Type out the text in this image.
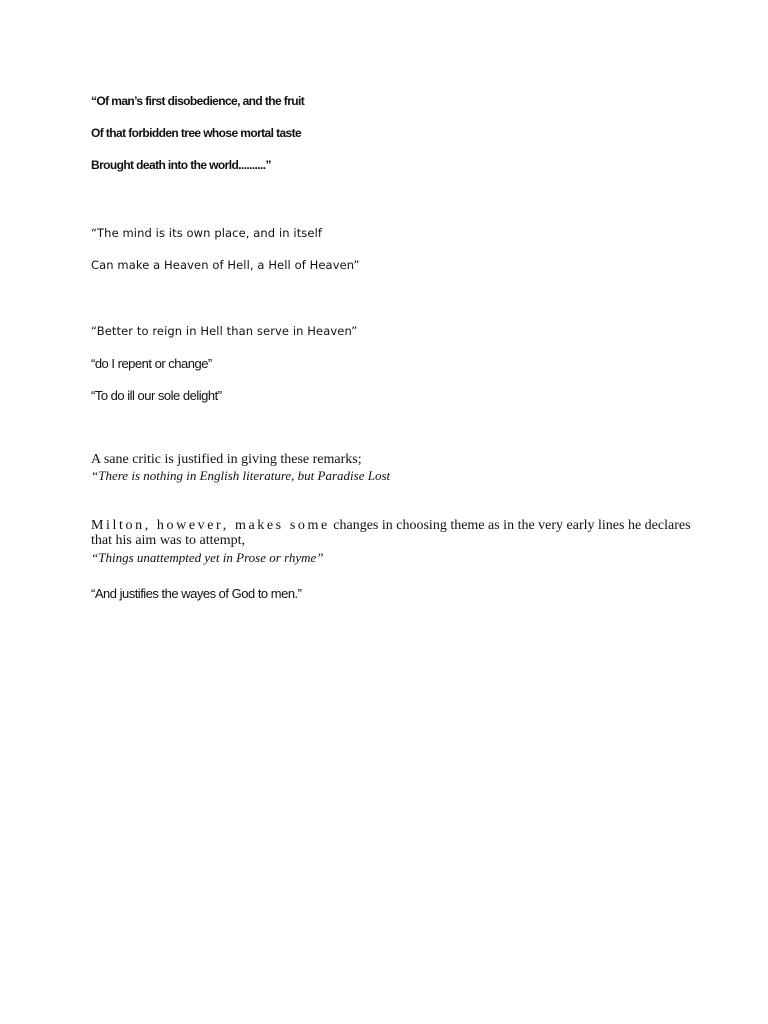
“Of man’s first disobedience, and the fruit

Of that forbidden tree whose mortal taste

Brought death into the world..........”

“The mind is its own place, and in itself

Can make a Heaven of Hell, a Hell of Heaven”

“Better to reign in Hell than serve in Heaven”

“do I repent or change”

“To do ill our sole delight”

A sane critic is justified in giving these remarks;

“There is nothing in English literature, but Paradise Lost

Milton, however, makes some changes in choosing theme as in the very early lines he declares that his aim was to attempt,

“Things unattempted yet in Prose or rhyme”

“And justifies the wayes of God to men.”
